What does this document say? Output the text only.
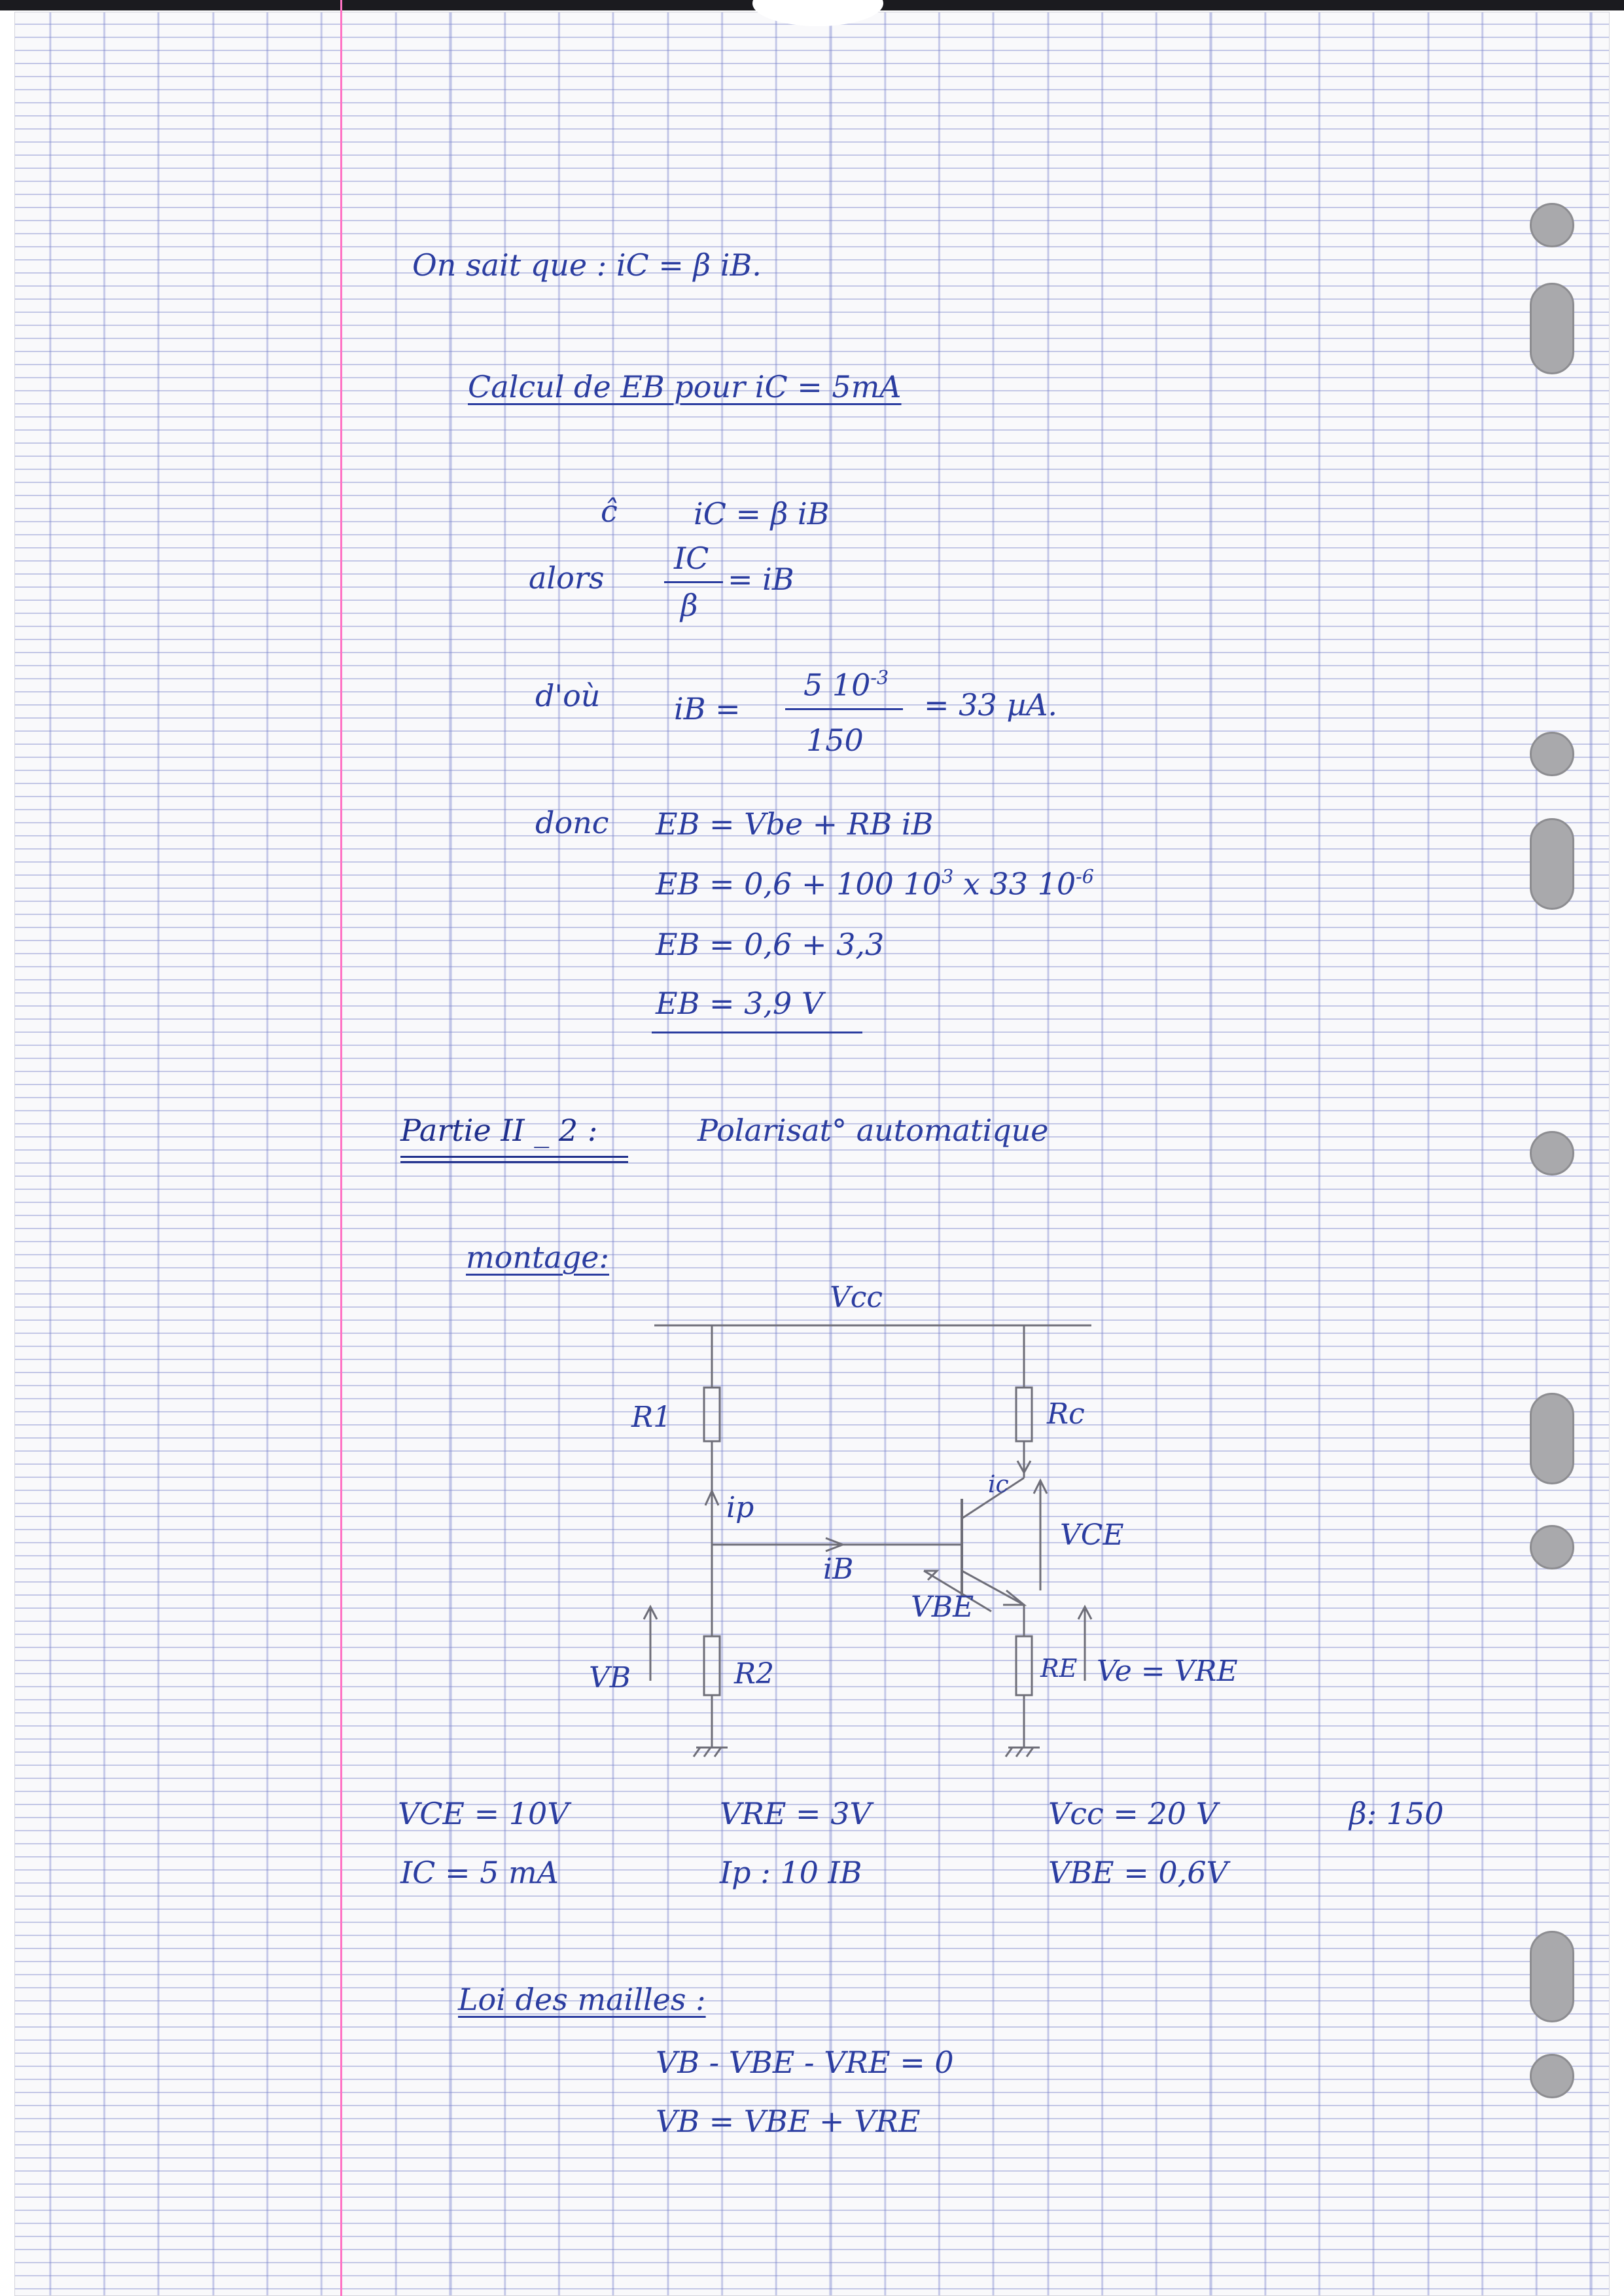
On sait que : iC = β iB.
Calcul de EB pour iC = 5mA
ĉ	iC = β iB
alors
IC
β
= iB
d'où iB =
5 $10^{-3}$
150
= 33 µA.
donc EB = Vbe + RB iB
EB = 0,6 + 100 $10^3$ x 33 $10^{-6}$
EB = 0,6 + 3,3
EB = 3,9 V
Partie II _ 2 :	Polarisat° automatique
montage:
Vcc
R1	Rc
ip
ic
VCE
iB
VBE
VB	R2	RE Ve = VRE
VCE = 10V	VRE = 3V	Vcc = 20 V	β: 150
IC = 5 mA	Ip : 10 IB	VBE = 0,6V
Loi des mailles :
VB - VBE - VRE = 0
VB = VBE + VRE
